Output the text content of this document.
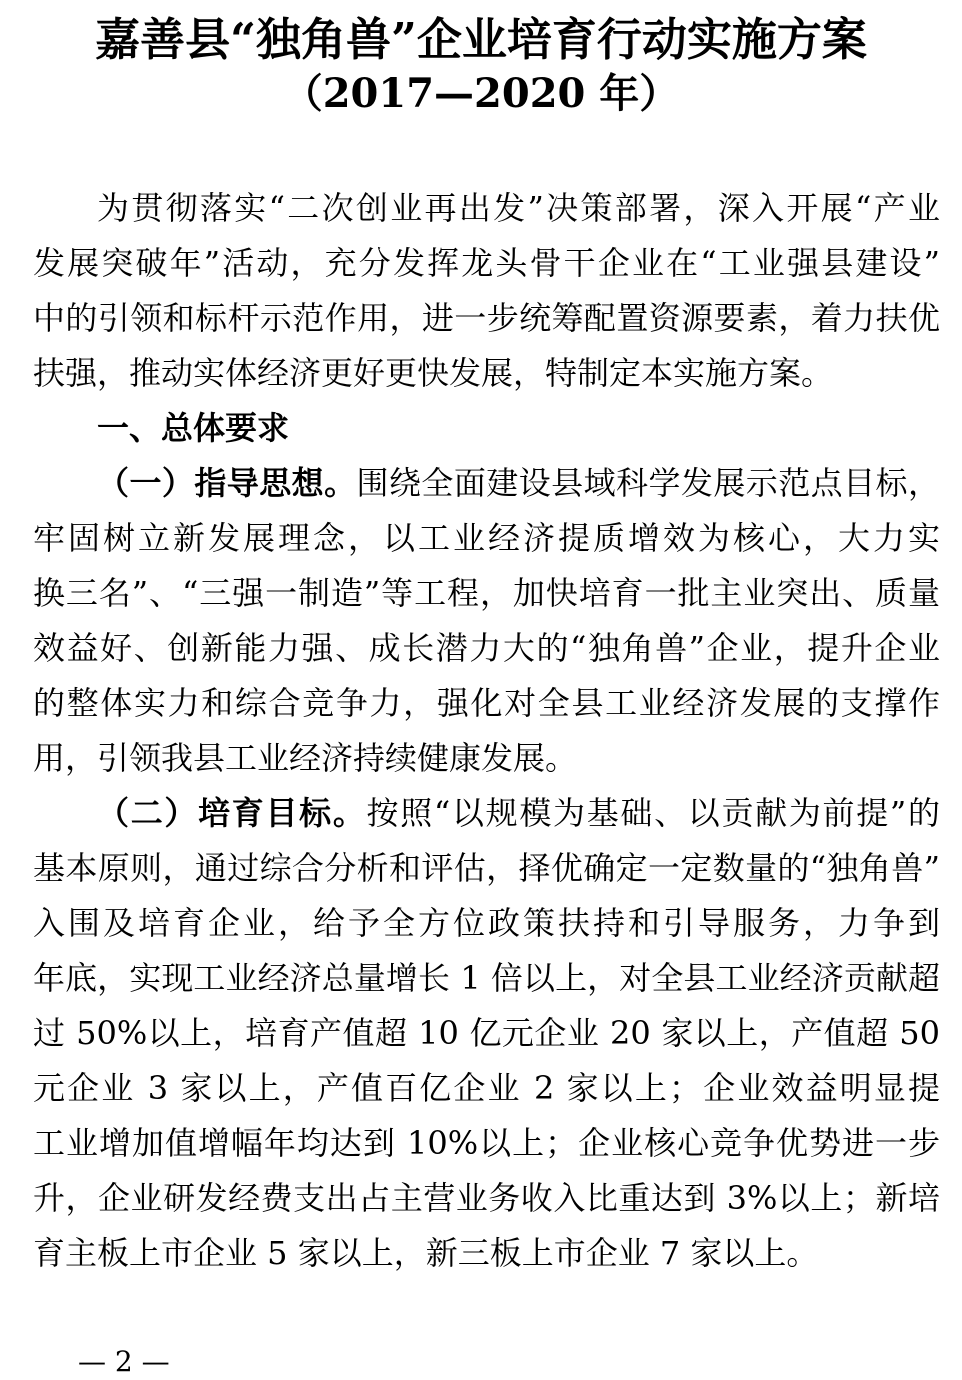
嘉善县“独角兽”企业培育行动实施方案
（2017—2020 年）
为贯彻落实“二次创业再出发”决策部署，深入开展“产业
发展突破年”活动，充分发挥龙头骨干企业在“工业强县建设”
中的引领和标杆示范作用，进一步统筹配置资源要素，着力扶优
扶强，推动实体经济更好更快发展，特制定本实施方案。
一、总体要求
（一）指导思想。围绕全面建设县域科学发展示范点目标，
牢固树立新发展理念，以工业经济提质增效为核心，大力实
换三名”、“三强一制造”等工程，加快培育一批主业突出、质量
效益好、创新能力强、成长潜力大的“独角兽”企业，提升企业
的整体实力和综合竞争力，强化对全县工业经济发展的支撑作
用，引领我县工业经济持续健康发展。
（二）培育目标。按照“以规模为基础、以贡献为前提”的
基本原则，通过综合分析和评估，择优确定一定数量的“独角兽”
入围及培育企业，给予全方位政策扶持和引导服务，力争到
年底，实现工业经济总量增长 1 倍以上，对全县工业经济贡献超
过 50%以上，培育产值超 10 亿元企业 20 家以上，产值超 50
元企业 3 家以上，产值百亿企业 2 家以上；企业效益明显提
工业增加值增幅年均达到 10%以上；企业核心竞争优势进一步
升，企业研发经费支出占主营业务收入比重达到 3%以上；新培
育主板上市企业 5 家以上，新三板上市企业 7 家以上。
— 2 —
